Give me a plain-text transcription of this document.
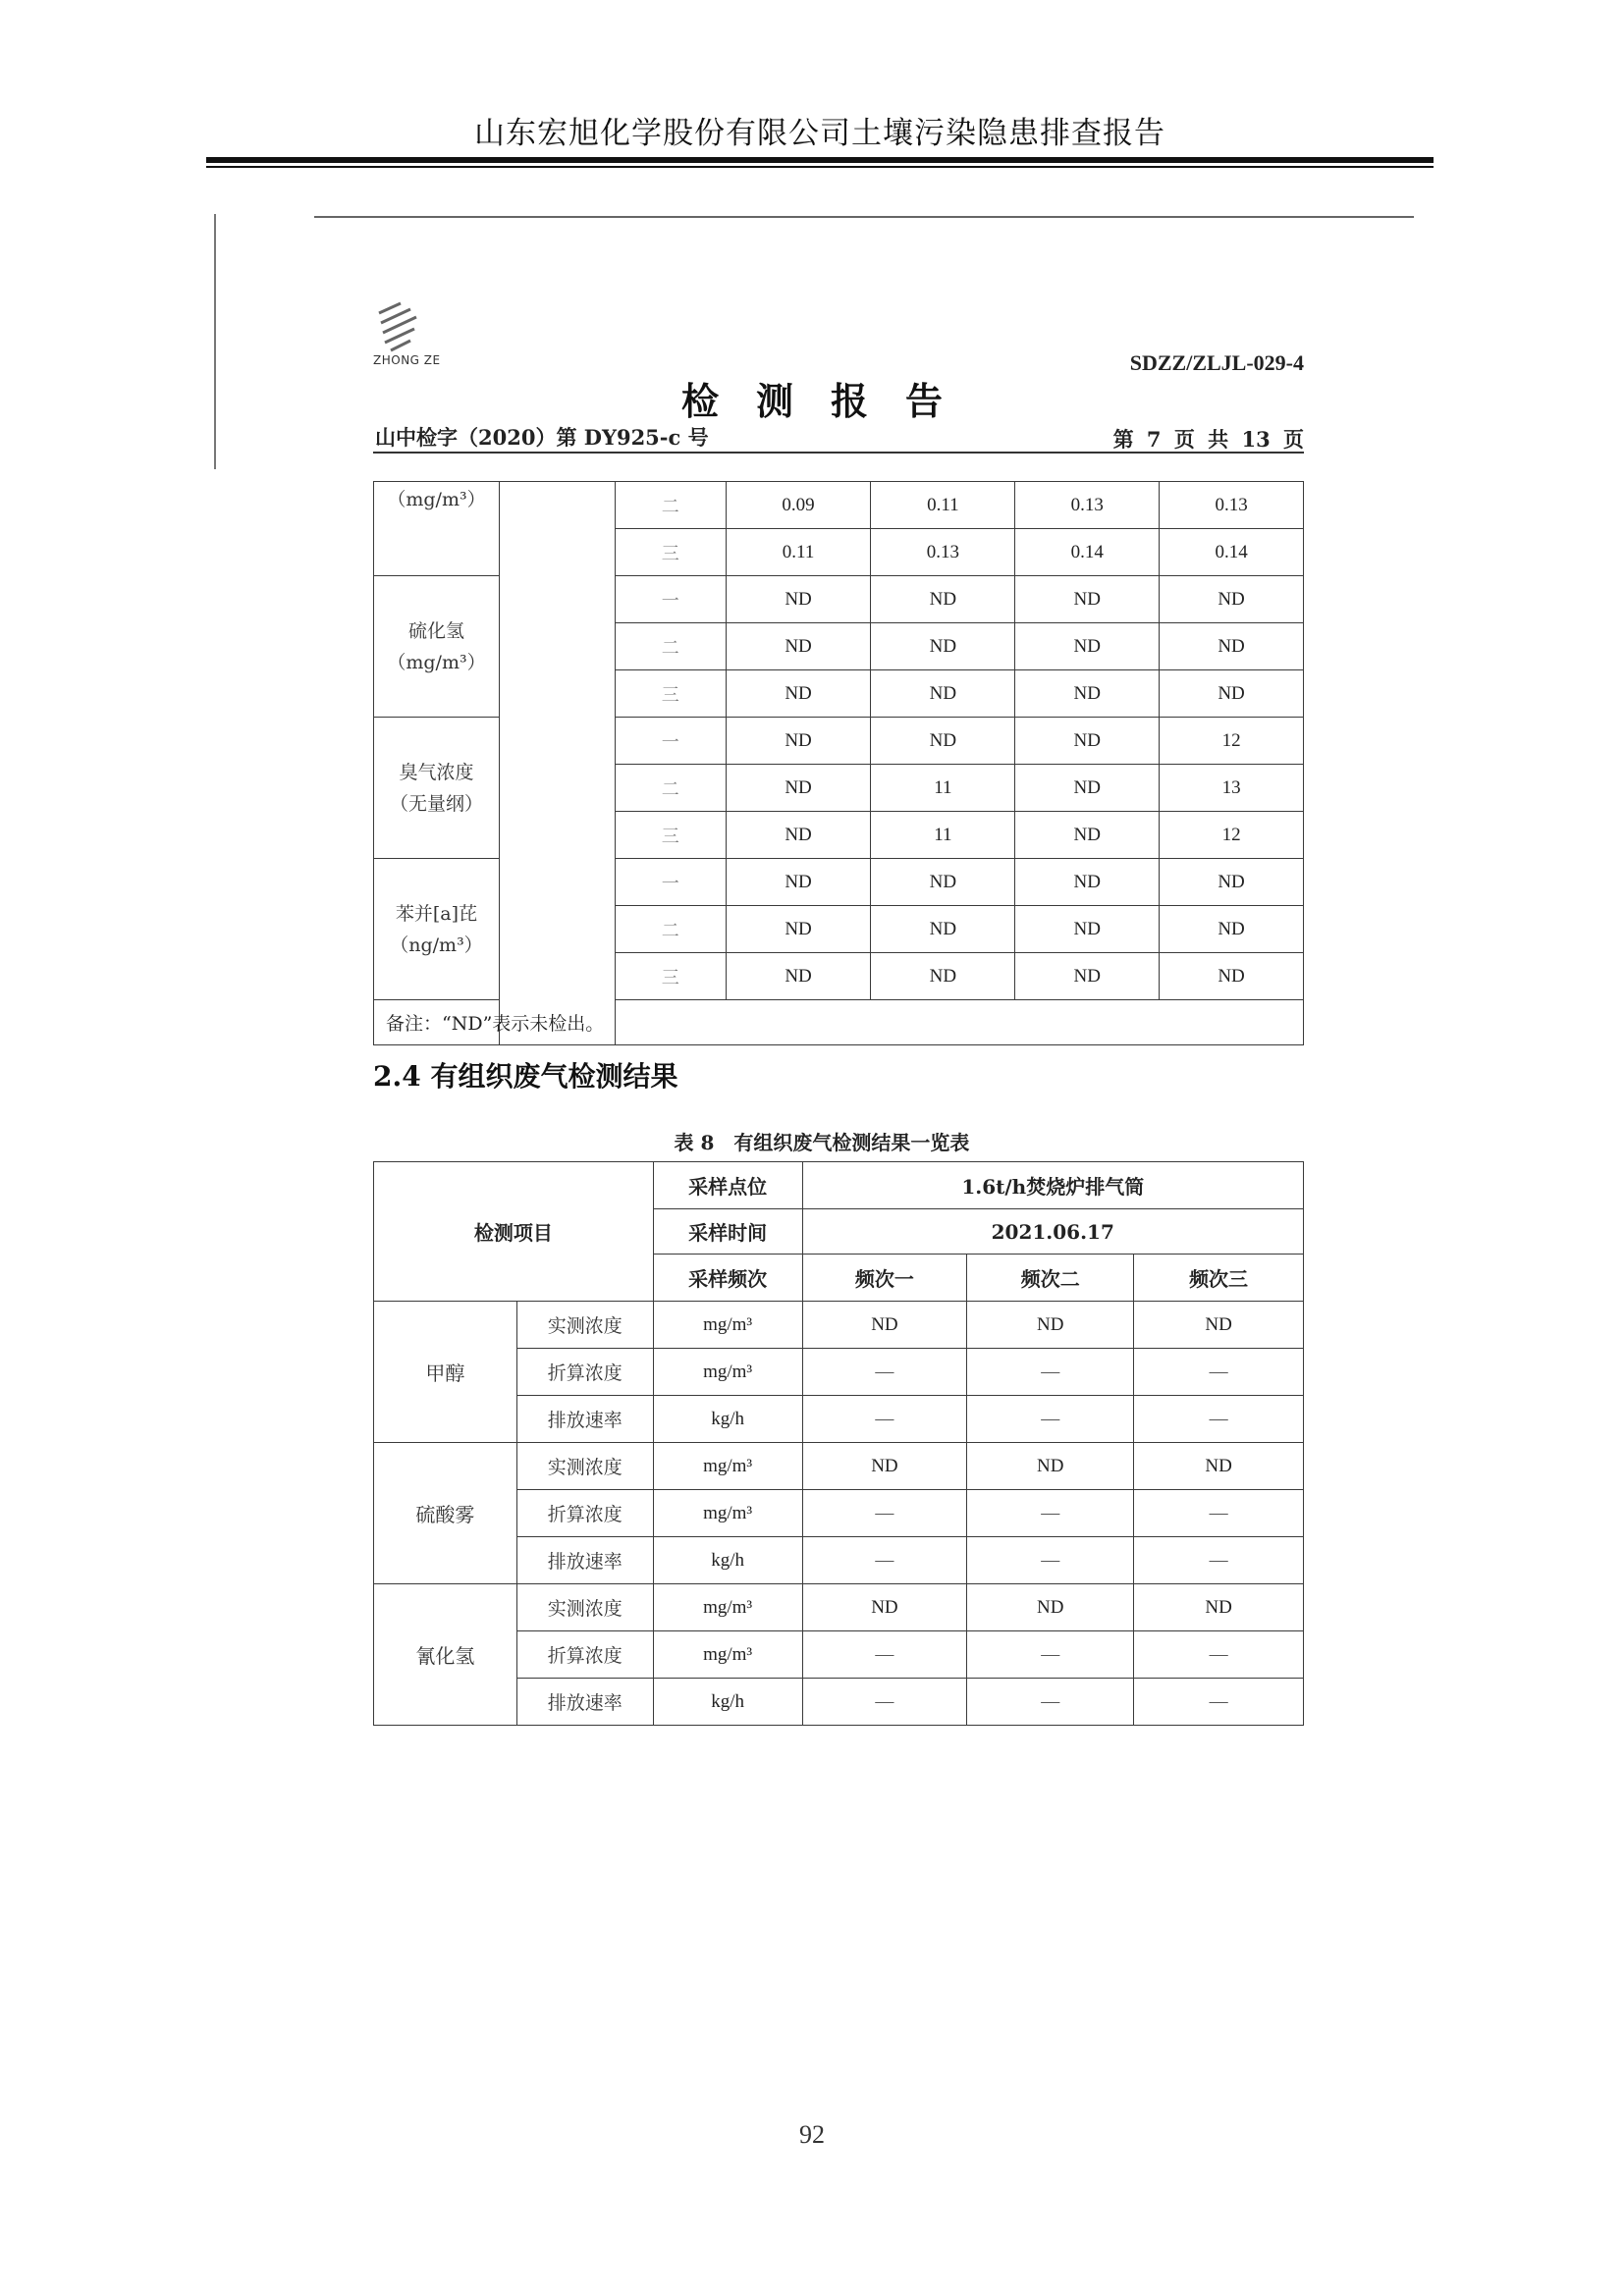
山东宏旭化学股份有限公司土壤污染隐患排查报告
ZHONG ZE	SDZZ/ZLJL-029-4
检测报告
山中检字（2020）第 DY925-c 号	第 7 页 共 13 页
（mg/m³）		二	0.09	0.11	0.13	0.13
		三	0.11	0.13	0.14	0.14

硫化氢
（mg/m³）		一	ND	ND	ND	ND
		二	ND	ND	ND	ND
		三	ND	ND	ND	ND

臭气浓度
（无量纲）		一	ND	ND	ND	12
		二	ND	11	ND	13
		三	ND	11	ND	12

苯并[a]芘
（ng/m³）		一	ND	ND	ND	ND
		二	ND	ND	ND	ND
		三	ND	ND	ND	ND
备注：“ND”表示未检出。						
2.4 有组织废气检测结果
表 8　有组织废气检测结果一览表
检测项目		采样点位	1.6t/h焚烧炉排气筒		
		采样时间	2021.06.17		
		采样频次	频次一	频次二	频次三
甲醇	实测浓度	mg/m³	ND	ND	ND
	折算浓度	mg/m³	—	—	—
	排放速率	kg/h	—	—	—
硫酸雾	实测浓度	mg/m³	ND	ND	ND
	折算浓度	mg/m³	—	—	—
	排放速率	kg/h	—	—	—
氰化氢	实测浓度	mg/m³	ND	ND	ND
	折算浓度	mg/m³	—	—	—
	排放速率	kg/h	—	—	—
92
